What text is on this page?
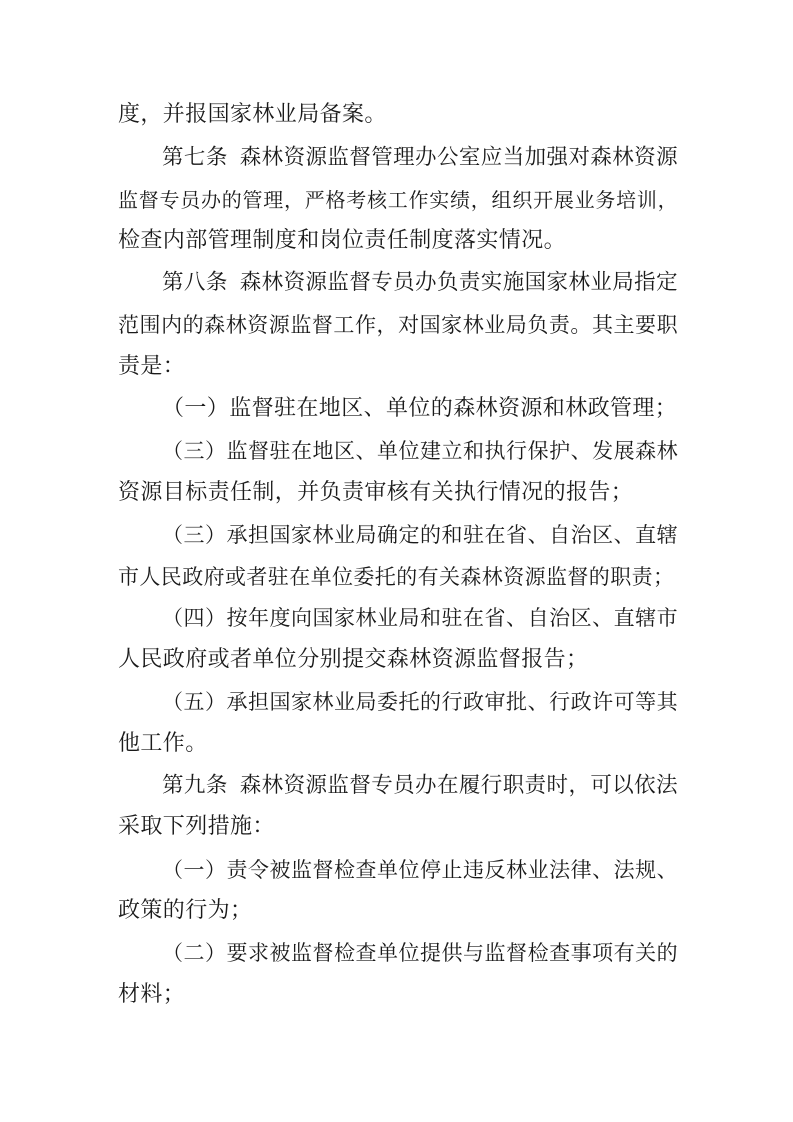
度，并报国家林业局备案。
第七条 森林资源监督管理办公室应当加强对森林资源
监督专员办的管理，严格考核工作实绩，组织开展业务培训，
检查内部管理制度和岗位责任制度落实情况。
第八条 森林资源监督专员办负责实施国家林业局指定
范围内的森林资源监督工作，对国家林业局负责。其主要职
责是：
（一）监督驻在地区、单位的森林资源和林政管理；
（三）监督驻在地区、单位建立和执行保护、发展森林
资源目标责任制，并负责审核有关执行情况的报告；
（三）承担国家林业局确定的和驻在省、自治区、直辖
市人民政府或者驻在单位委托的有关森林资源监督的职责；
（四）按年度向国家林业局和驻在省、自治区、直辖市
人民政府或者单位分别提交森林资源监督报告；
（五）承担国家林业局委托的行政审批、行政许可等其
他工作。
第九条 森林资源监督专员办在履行职责时，可以依法
采取下列措施：
（一）责令被监督检查单位停止违反林业法律、法规、
政策的行为；
（二）要求被监督检查单位提供与监督检查事项有关的
材料；
